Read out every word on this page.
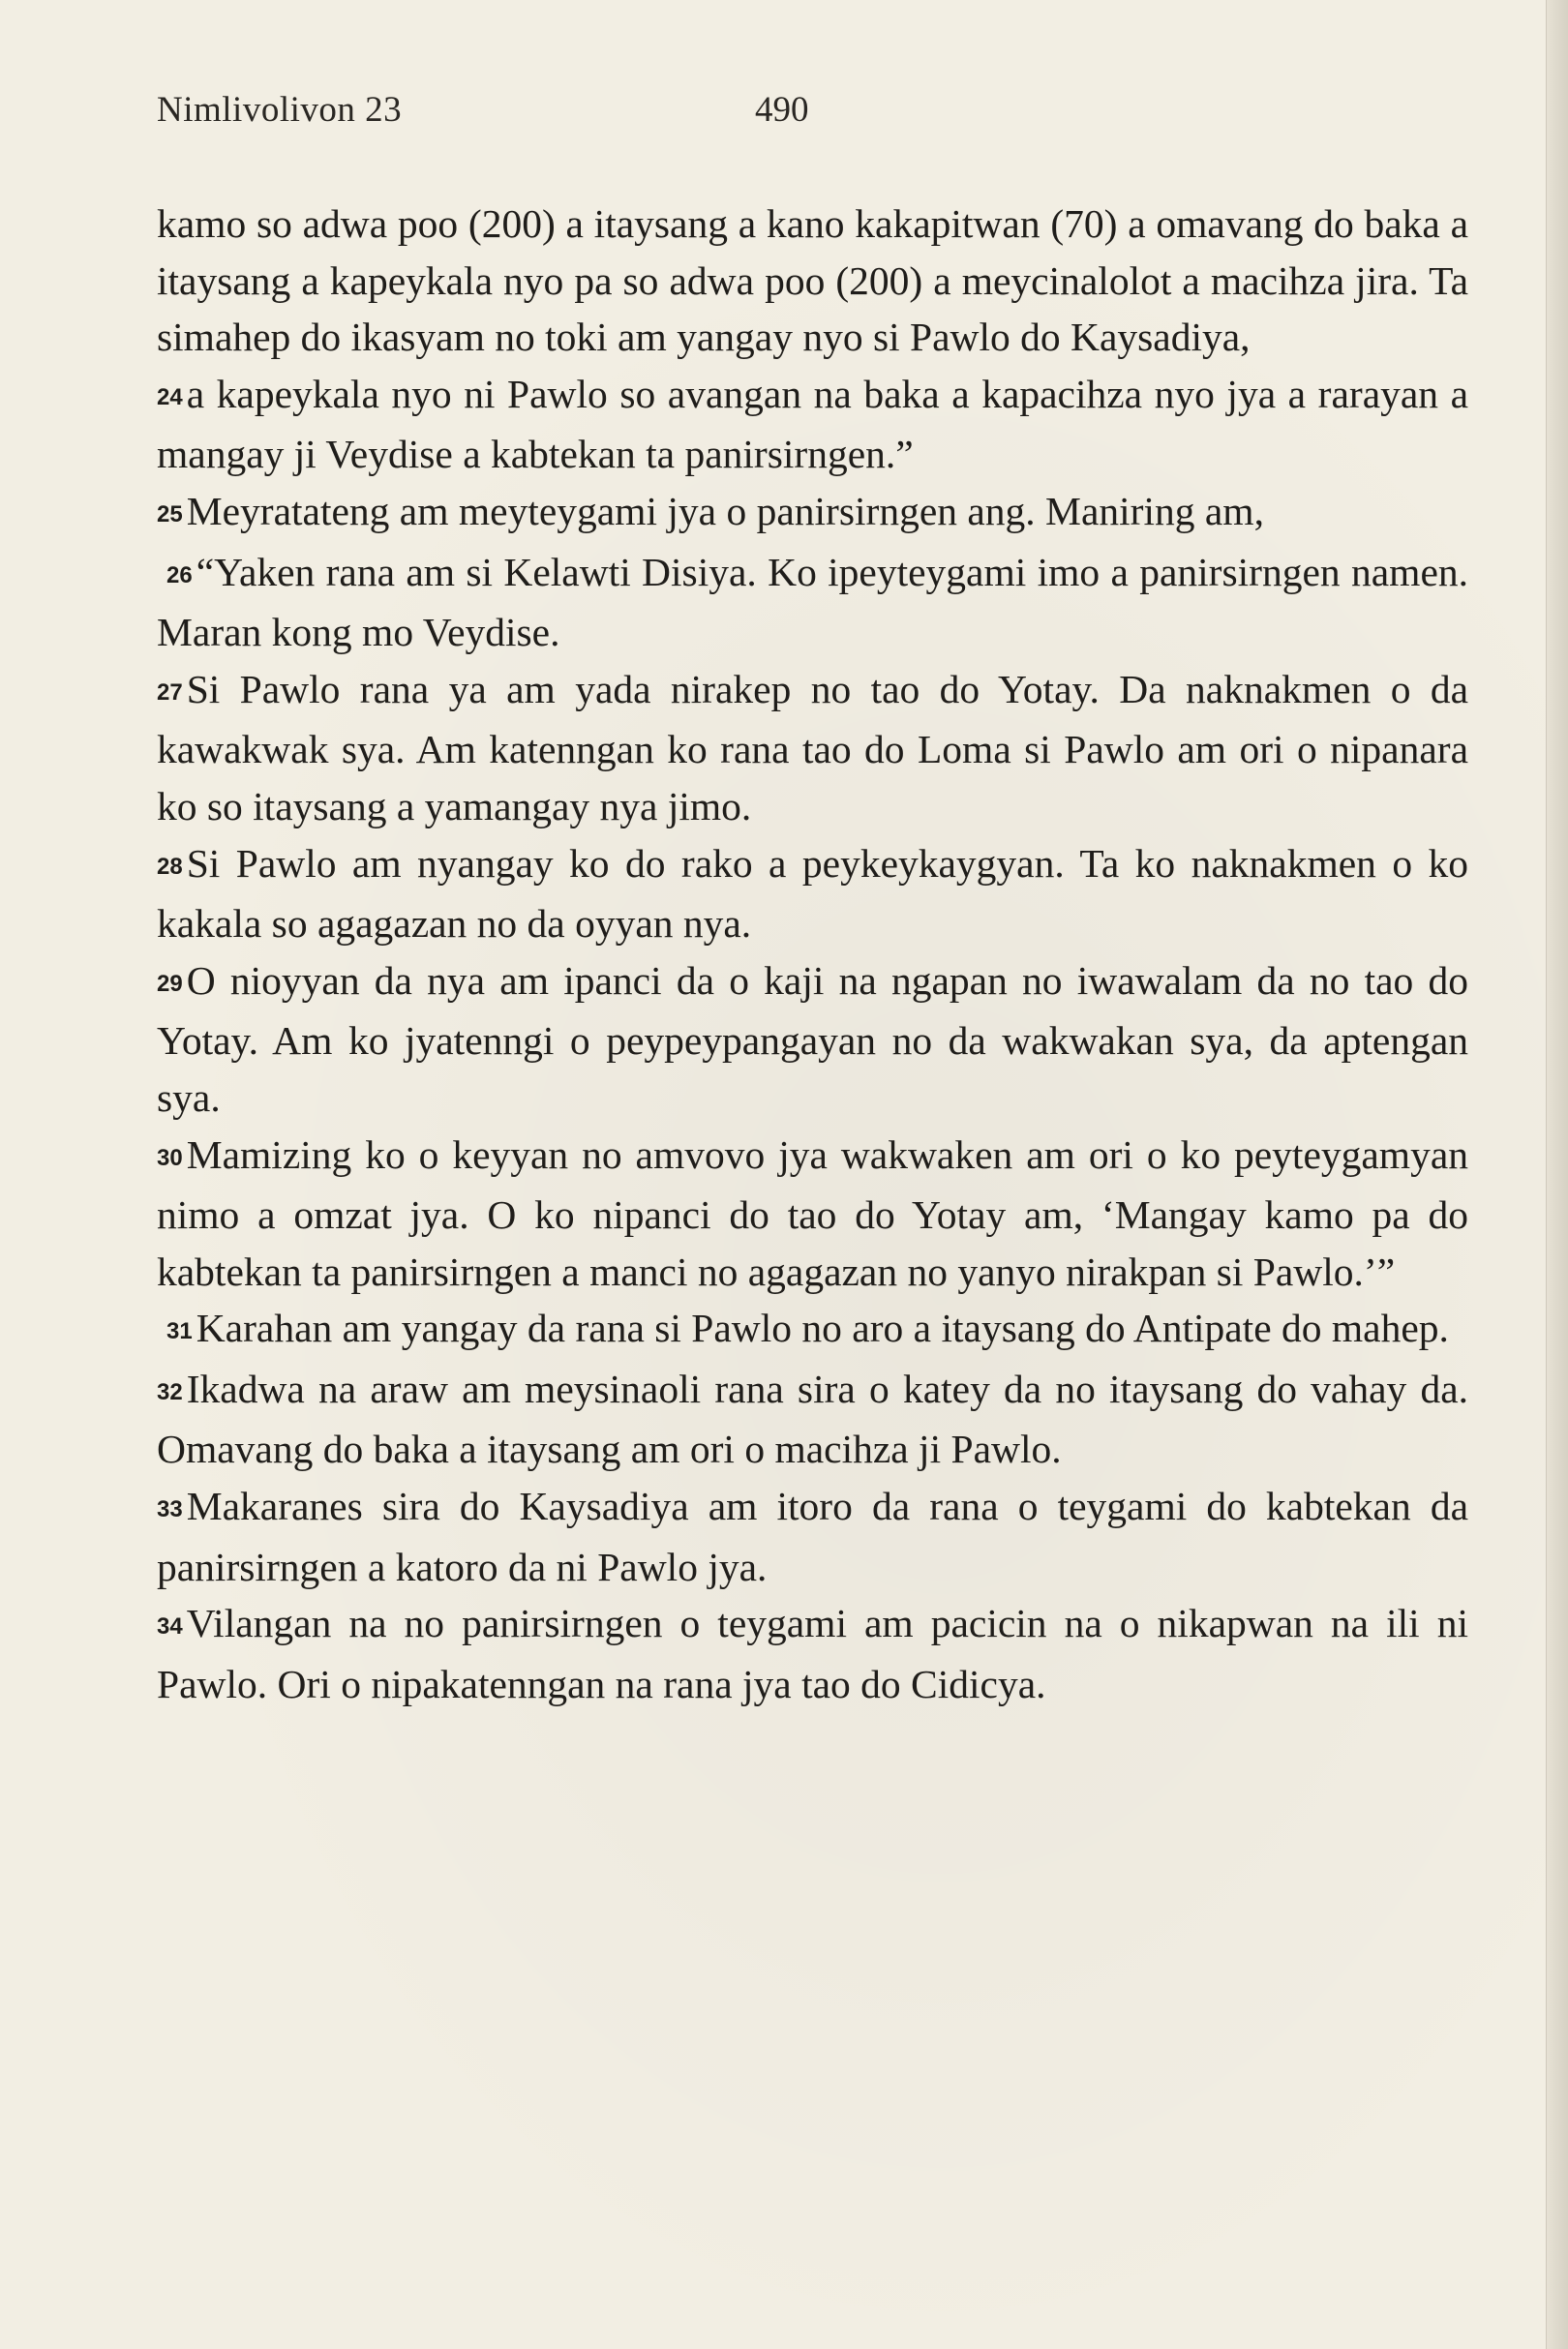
Nimlivolivon 23	490

kamo so adwa poo (200) a itaysang a kano kakapitwan (70) a omavang do baka a itaysang a kapeykala nyo pa so adwa poo (200) a meycinalolot a macihza jira. Ta simahep do ikasyam no toki am yangay nyo si Pawlo do Kaysadiya,

24a kapeykala nyo ni Pawlo so avangan na baka a kapacihza nyo jya a rarayan a mangay ji Veydise a kabtekan ta panirsirngen.”

25Meyratateng am meyteygami jya o panirsirngen ang. Maniring am,

26“Yaken rana am si Kelawti Disiya. Ko ipeyteygami imo a panirsirngen namen. Maran kong mo Veydise.

27Si Pawlo rana ya am yada nirakep no tao do Yotay. Da naknakmen o da kawakwak sya. Am katenngan ko rana tao do Loma si Pawlo am ori o nipanara ko so itaysang a yamangay nya jimo.

28Si Pawlo am nyangay ko do rako a peykeykaygyan. Ta ko naknakmen o ko kakala so agagazan no da oyyan nya.

29O nioyyan da nya am ipanci da o kaji na ngapan no iwawalam da no tao do Yotay. Am ko jyatenngi o peypeypangayan no da wakwakan sya, da aptengan sya.

30Mamizing ko o keyyan no amvovo jya wakwaken am ori o ko peyteygamyan nimo a omzat jya. O ko nipanci do tao do Yotay am, ‘Mangay kamo pa do kabtekan ta panirsirngen a manci no agagazan no yanyo nirakpan si Pawlo.’”

31Karahan am yangay da rana si Pawlo no aro a itaysang do Antipate do mahep.

32Ikadwa na araw am meysinaoli rana sira o katey da no itaysang do vahay da. Omavang do baka a itaysang am ori o macihza ji Pawlo.

33Makaranes sira do Kaysadiya am itoro da rana o teygami do kabtekan da panirsirngen a katoro da ni Pawlo jya.

34Vilangan na no panirsirngen o teygami am pacicin na o nikapwan na ili ni Pawlo. Ori o nipakatenngan na rana jya tao do Cidicya.
